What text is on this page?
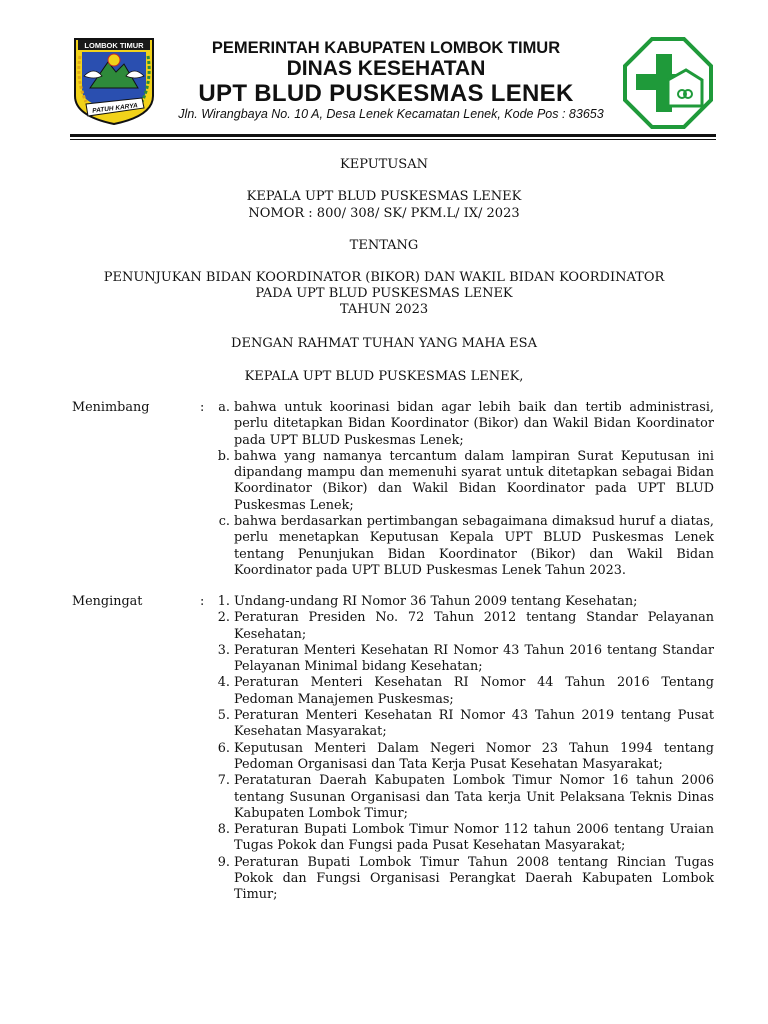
LOMBOK TIMUR
PATUH KARYA
PEMERINTAH KABUPATEN LOMBOK TIMUR
DINAS KESEHATAN
UPT BLUD PUSKESMAS LENEK
Jln. Wirangbaya No. 10 A, Desa Lenek Kecamatan Lenek, Kode Pos : 83653
KEPUTUSAN
KEPALA UPT BLUD PUSKESMAS LENEK
NOMOR : 800/ 308/ SK/ PKM.L/ IX/ 2023
TENTANG
PENUNJUKAN BIDAN KOORDINATOR (BIKOR) DAN WAKIL BIDAN KOORDINATOR
PADA UPT BLUD PUSKESMAS LENEK
TAHUN 2023
DENGAN RAHMAT TUHAN YANG MAHA ESA
KEPALA UPT BLUD PUSKESMAS LENEK,
Menimbang	:	a. bahwa untuk koorinasi bidan agar lebih baik dan tertib administrasi, perlu ditetapkan Bidan Koordinator (Bikor) dan Wakil Bidan Koordinator pada UPT BLUD Puskesmas Lenek;
b. bahwa yang namanya tercantum dalam lampiran Surat Keputusan ini dipandang mampu dan memenuhi syarat untuk ditetapkan sebagai Bidan Koordinator (Bikor) dan Wakil Bidan Koordinator pada UPT BLUD Puskesmas Lenek;
c. bahwa berdasarkan pertimbangan sebagaimana dimaksud huruf a diatas, perlu menetapkan Keputusan Kepala UPT BLUD Puskesmas Lenek tentang Penunjukan Bidan Koordinator (Bikor) dan Wakil Bidan Koordinator pada UPT BLUD Puskesmas Lenek Tahun 2023.
Mengingat	:	1. Undang-undang RI Nomor 36 Tahun 2009 tentang Kesehatan;
2. Peraturan Presiden No. 72 Tahun 2012 tentang Standar Pelayanan Kesehatan;
3. Peraturan Menteri Kesehatan RI Nomor 43 Tahun 2016 tentang Standar Pelayanan Minimal bidang Kesehatan;
4. Peraturan Menteri Kesehatan RI Nomor 44 Tahun 2016 Tentang Pedoman Manajemen Puskesmas;
5. Peraturan Menteri Kesehatan RI Nomor 43 Tahun 2019 tentang Pusat Kesehatan Masyarakat;
6. Keputusan Menteri Dalam Negeri Nomor 23 Tahun 1994 tentang Pedoman Organisasi dan Tata Kerja Pusat Kesehatan Masyarakat;
7. Perataturan Daerah Kabupaten Lombok Timur Nomor 16 tahun 2006 tentang Susunan Organisasi dan Tata kerja Unit Pelaksana Teknis Dinas Kabupaten Lombok Timur;
8. Peraturan Bupati Lombok Timur Nomor 112 tahun 2006 tentang Uraian Tugas Pokok dan Fungsi pada Pusat Kesehatan Masyarakat;
9. Peraturan Bupati Lombok Timur Tahun 2008 tentang Rincian Tugas Pokok dan Fungsi Organisasi Perangkat Daerah Kabupaten Lombok Timur;
